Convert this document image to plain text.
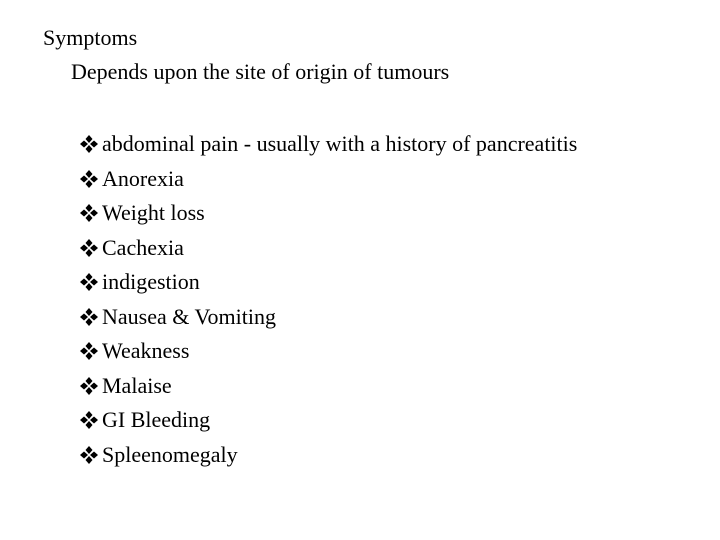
Symptoms
Depends upon the site of origin of tumours
abdominal pain - usually with a history of pancreatitis
Anorexia
Weight loss
Cachexia
indigestion
Nausea & Vomiting
Weakness
Malaise
GI Bleeding
Spleenomegaly
